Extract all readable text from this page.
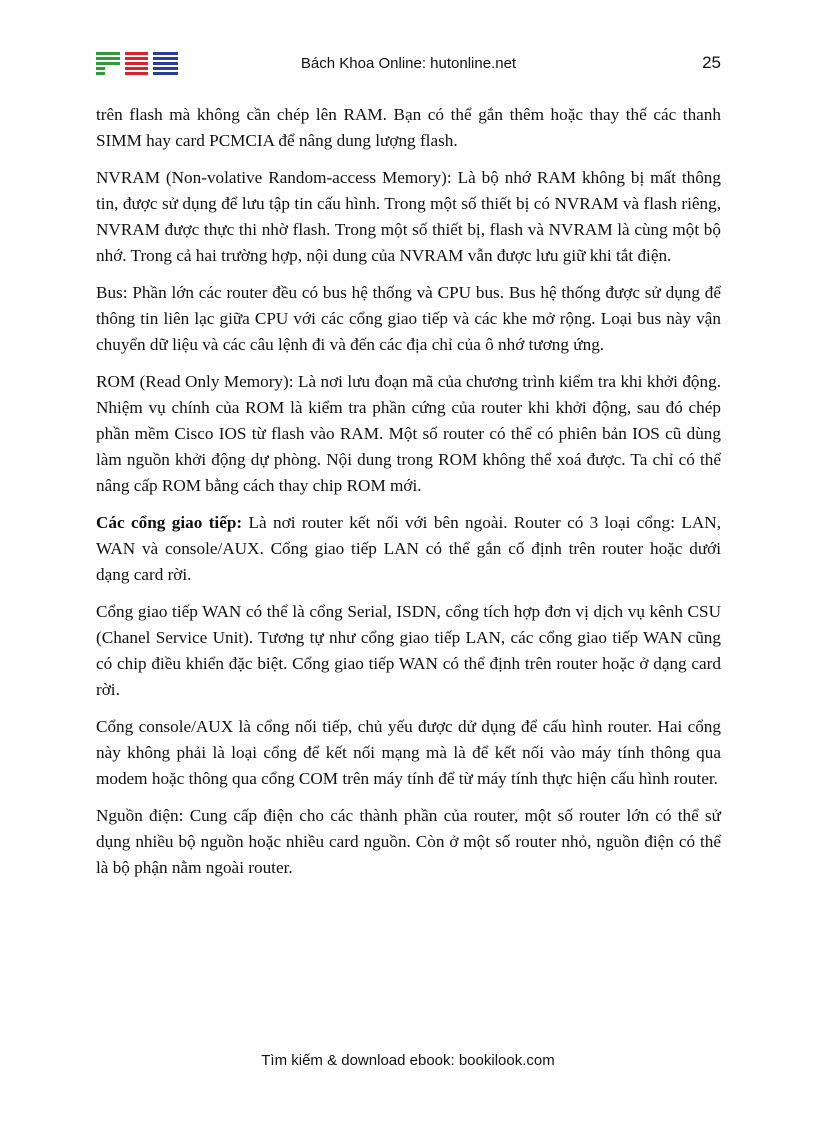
Bách Khoa Online: hutonline.net	25

trên flash mà không cần chép lên RAM. Bạn có thể gắn thêm hoặc thay thế các thanh SIMM hay card PCMCIA để nâng dung lượng flash.

NVRAM (Non-volative Random-access Memory): Là bộ nhớ RAM không bị mất thông tin, được sử dụng để lưu tập tin cấu hình. Trong một số thiết bị có NVRAM và flash riêng, NVRAM được thực thi nhờ flash. Trong một số thiết bị, flash và NVRAM là cùng một bộ nhớ. Trong cả hai trường hợp, nội dung của NVRAM vẫn được lưu giữ khi tắt điện.

Bus: Phần lớn các router đều có bus hệ thống và CPU bus. Bus hệ thống được sử dụng để thông tin liên lạc giữa CPU với các cổng giao tiếp và các khe mở rộng. Loại bus này vận chuyển dữ liệu và các câu lệnh đi và đến các địa chỉ của ô nhớ tương ứng.

ROM (Read Only Memory): Là nơi lưu đoạn mã của chương trình kiểm tra khi khởi động. Nhiệm vụ chính của ROM là kiểm tra phần cứng của router khi khởi động, sau đó chép phần mềm Cisco IOS từ flash vào RAM. Một số router có thể có phiên bản IOS cũ dùng làm nguồn khởi động dự phòng. Nội dung trong ROM không thể xoá được. Ta chỉ có thể nâng cấp ROM bằng cách thay chip ROM mới.

Các cổng giao tiếp: Là nơi router kết nối với bên ngoài. Router có 3 loại cổng: LAN, WAN và console/AUX. Cổng giao tiếp LAN có thể gắn cố định trên router hoặc dưới dạng card rời.

Cổng giao tiếp WAN có thể là cổng Serial, ISDN, cổng tích hợp đơn vị dịch vụ kênh CSU (Chanel Service Unit). Tương tự như cổng giao tiếp LAN, các cổng giao tiếp WAN cũng có chip điều khiển đặc biệt. Cổng giao tiếp WAN có thể định trên router hoặc ở dạng card rời.

Cổng console/AUX là cổng nối tiếp, chủ yếu được dử dụng để cấu hình router. Hai cổng này không phải là loại cổng để kết nối mạng mà là để kết nối vào máy tính thông qua modem hoặc thông qua cổng COM trên máy tính để từ máy tính thực hiện cấu hình router.

Nguồn điện: Cung cấp điện cho các thành phần của router, một số router lớn có thể sử dụng nhiều bộ nguồn hoặc nhiều card nguồn. Còn ở một số router nhỏ, nguồn điện có thể là bộ phận nằm ngoài router.

Tìm kiếm & download ebook: bookilook.com
